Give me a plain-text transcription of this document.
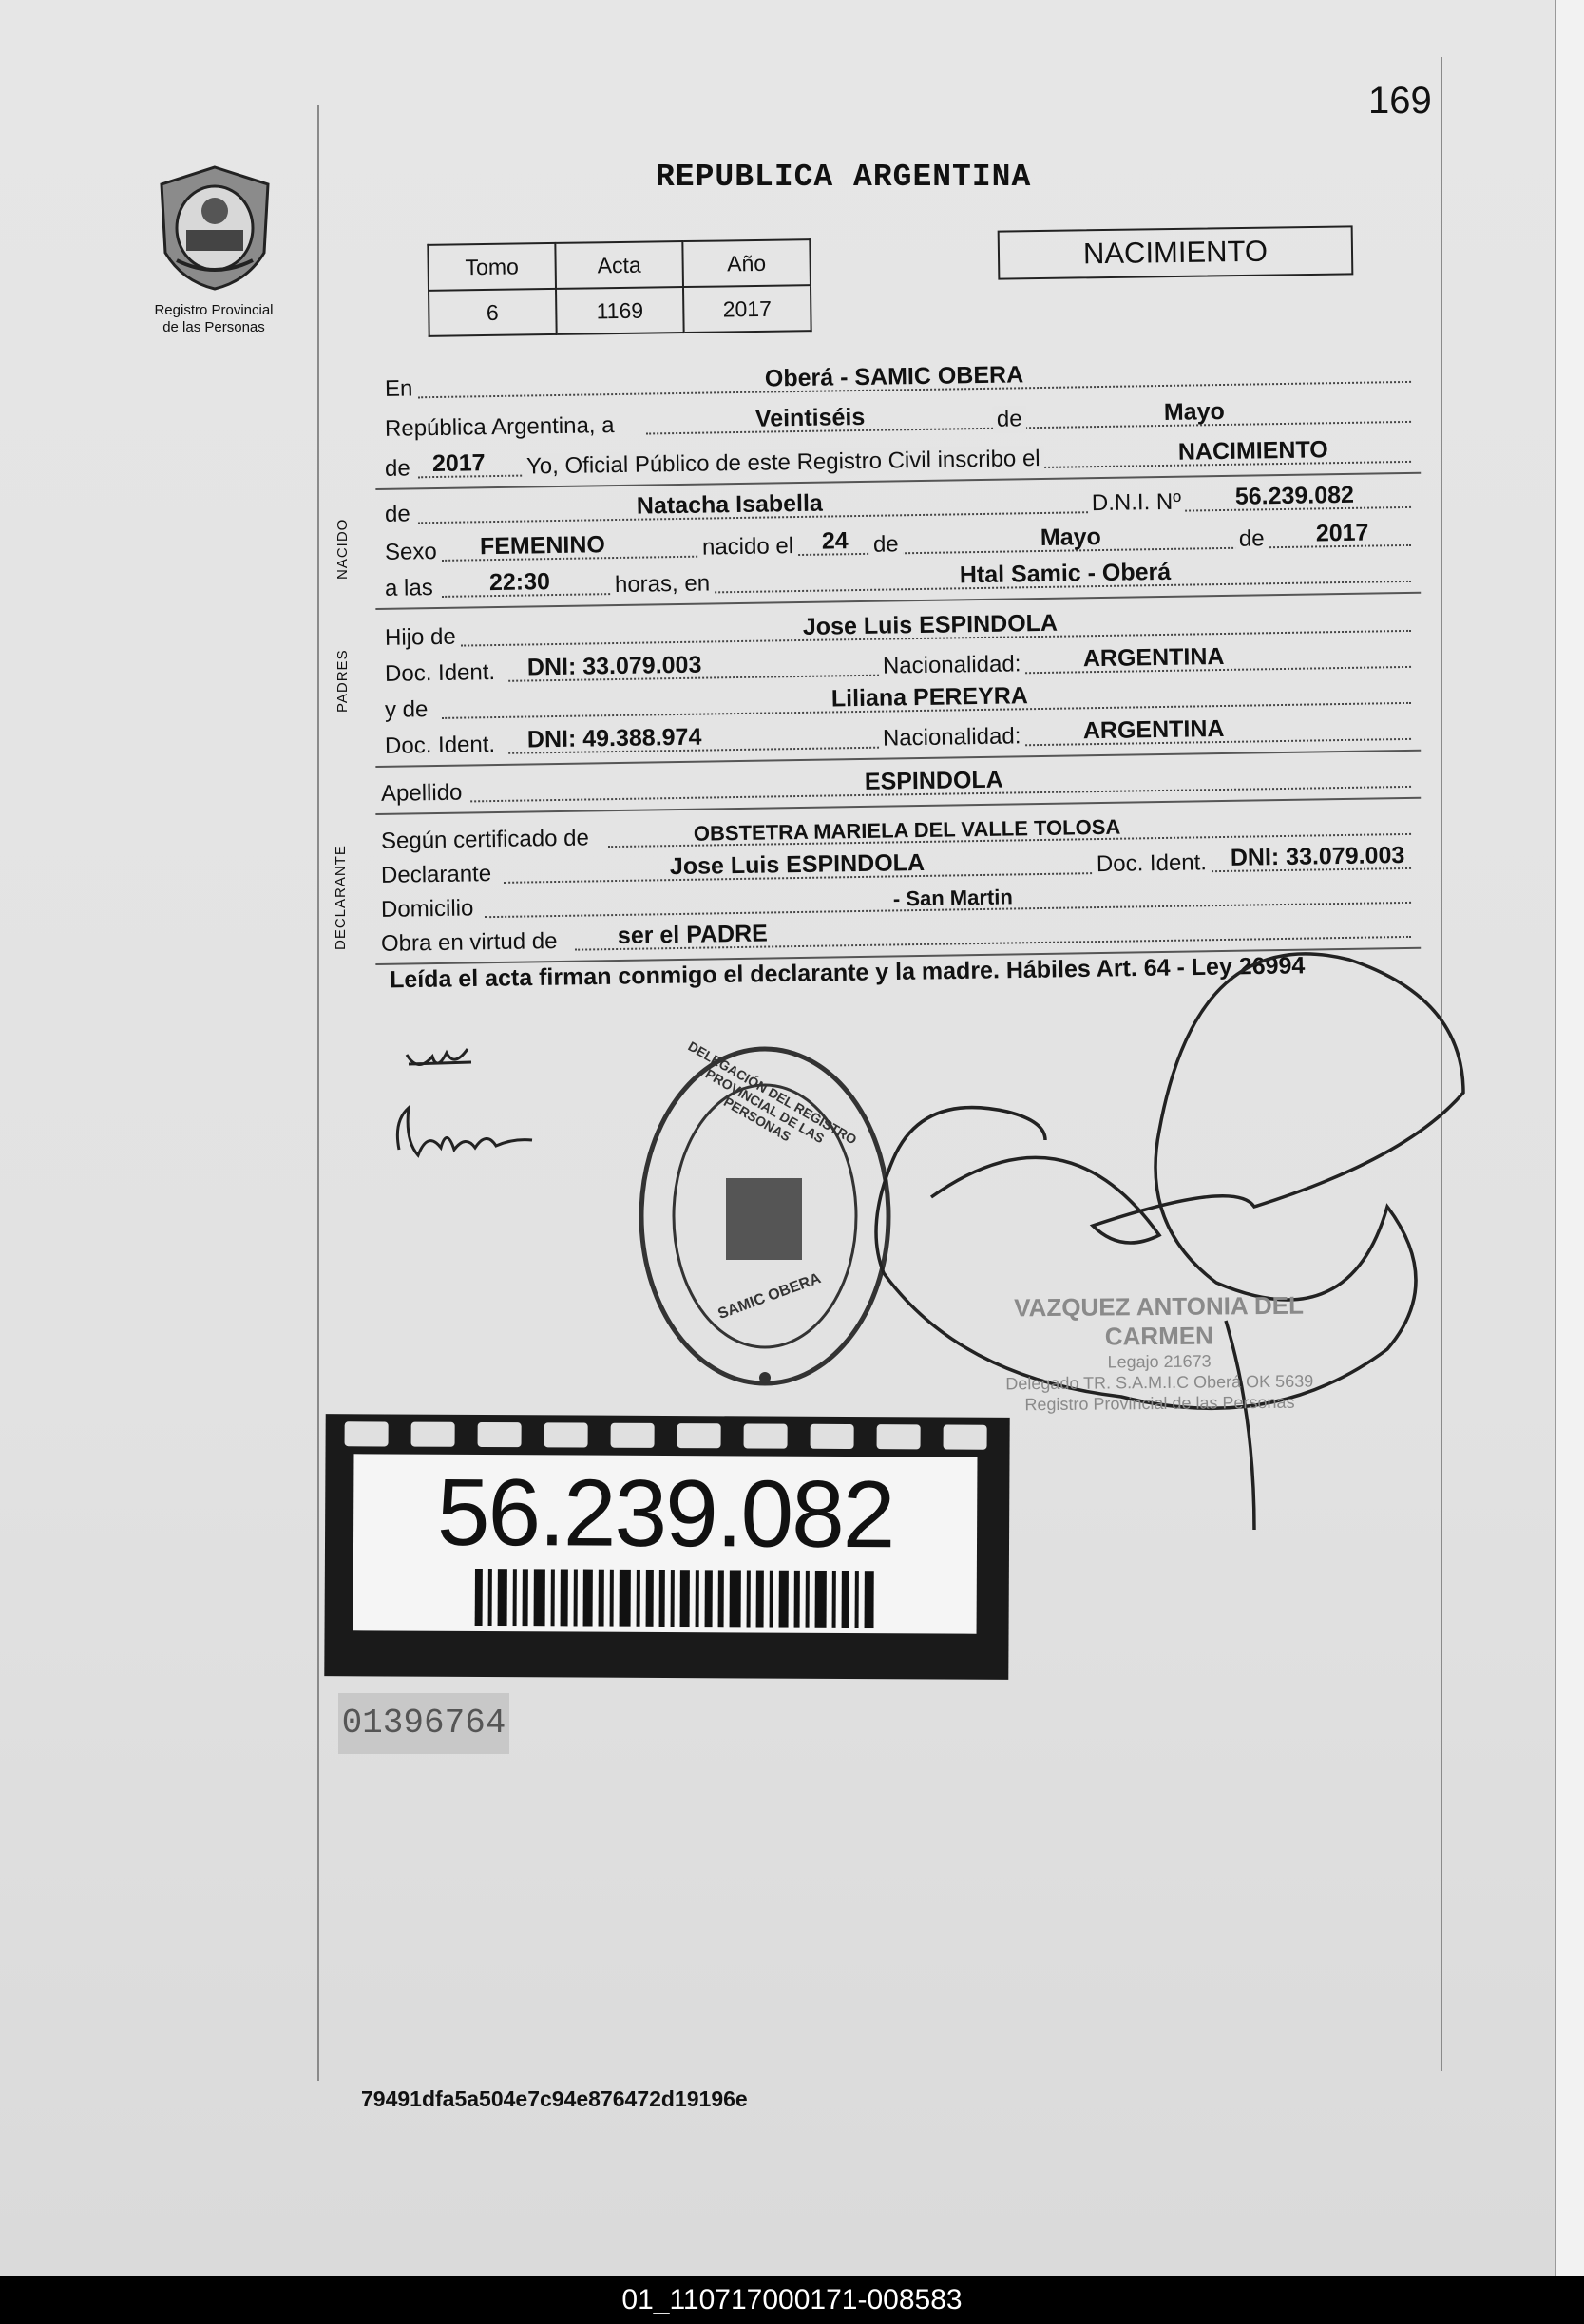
169
Registro Provincial
de las Personas
REPUBLICA ARGENTINA
Tomo	Acta	Año
6	1169	2017
NACIMIENTO
En	Oberá - SAMIC OBERA
República Argentina, a	Veintiséis	de	Mayo
de 2017 Yo, Oficial Público de este Registro Civil inscribo el	NACIMIENTO
de	Natacha Isabella	D.N.I. Nº 56.239.082
Sexo FEMENINO	nacido el 24 de	Mayo	de 2017
a las 22:30	horas, en	Htal Samic - Oberá
Hijo de	Jose Luis ESPINDOLA
Doc. Ident. DNI: 33.079.003	Nacionalidad:	ARGENTINA
y de	Liliana PEREYRA
Doc. Ident. DNI: 49.388.974	Nacionalidad:	ARGENTINA
Apellido	ESPINDOLA
Según certificado de	OBSTETRA MARIELA DEL VALLE TOLOSA
Declarante	Jose Luis ESPINDOLA	Doc. Ident. DNI: 33.079.003
Domicilio	- San Martin
Obra en virtud de	ser el PADRE
NACIDO
PADRES
DECLARANTE
Leída el acta firman conmigo el declarante y la madre. Hábiles Art. 64 - Ley 26994
DELEGACIÓN DEL REGISTRO PROVINCIAL DE LAS PERSONAS
SAMIC OBERA	VAZQUEZ ANTONIA DEL CARMEN
Legajo 21673
Delegado TR. S.A.M.I.C Oberá OK 5639
Registro Provincial de las Personas
56.239.082
01396764
79491dfa5a504e7c94e876472d19196e
01_110717000171-008583
